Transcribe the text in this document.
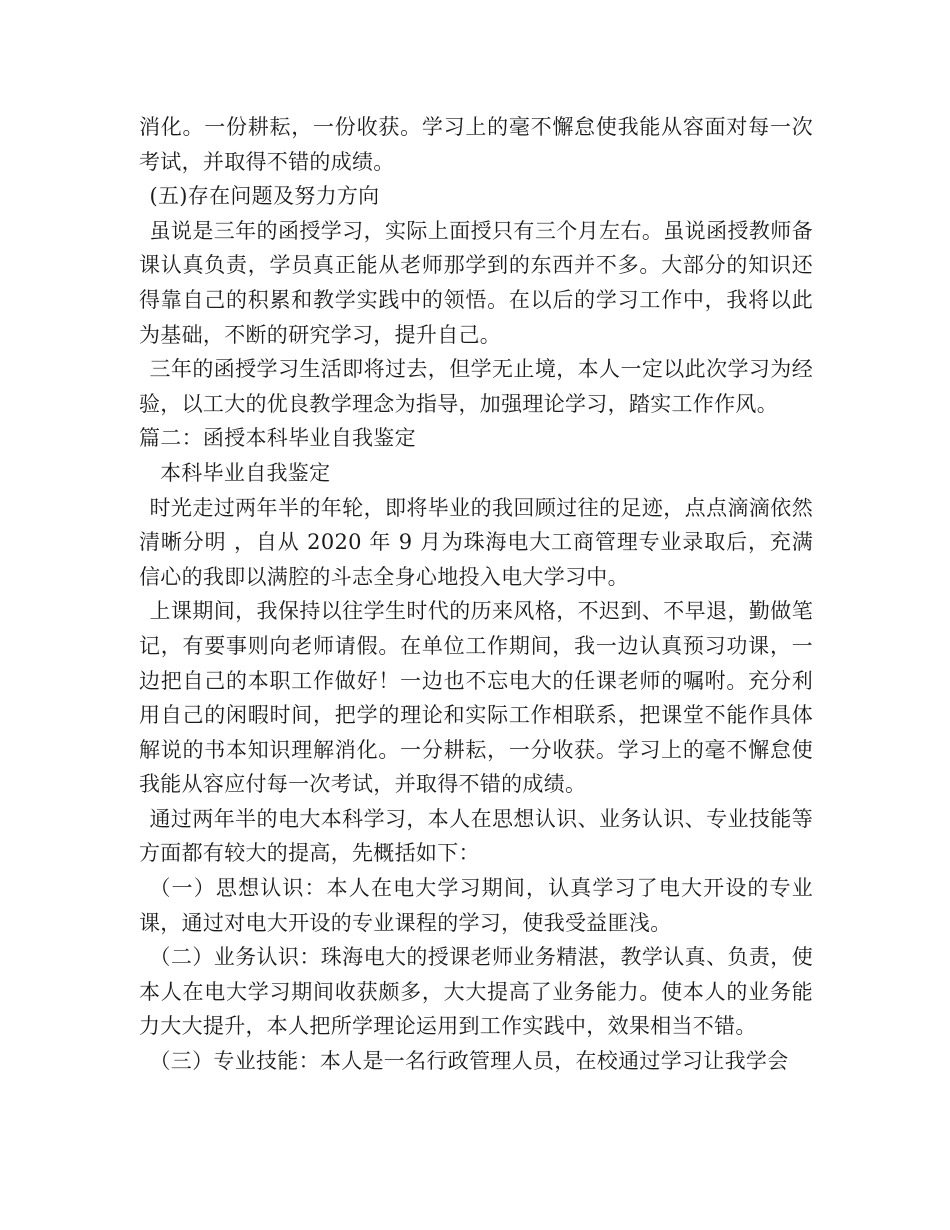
消化。一份耕耘，一份收获。学习上的毫不懈怠使我能从容面对每一次考试，并取得不错的成绩。

(五)存在问题及努力方向

虽说是三年的函授学习，实际上面授只有三个月左右。虽说函授教师备课认真负责，学员真正能从老师那学到的东西并不多。大部分的知识还得靠自己的积累和教学实践中的领悟。在以后的学习工作中，我将以此为基础，不断的研究学习，提升自己。

三年的函授学习生活即将过去，但学无止境，本人一定以此次学习为经验，以工大的优良教学理念为指导，加强理论学习，踏实工作作风。

篇二：函授本科毕业自我鉴定

本科毕业自我鉴定

时光走过两年半的年轮，即将毕业的我回顾过往的足迹，点点滴滴依然清晰分明 ，自从 2020 年 9 月为珠海电大工商管理专业录取后，充满信心的我即以满腔的斗志全身心地投入电大学习中。

上课期间，我保持以往学生时代的历来风格，不迟到、不早退，勤做笔记，有要事则向老师请假。在单位工作期间，我一边认真预习功课，一边把自己的本职工作做好！一边也不忘电大的任课老师的嘱咐。充分利用自己的闲暇时间，把学的理论和实际工作相联系，把课堂不能作具体解说的书本知识理解消化。一分耕耘，一分收获。学习上的毫不懈怠使我能从容应付每一次考试，并取得不错的成绩。

通过两年半的电大本科学习，本人在思想认识、业务认识、专业技能等方面都有较大的提高，先概括如下：

（一）思想认识：本人在电大学习期间，认真学习了电大开设的专业课，通过对电大开设的专业课程的学习，使我受益匪浅。

（二）业务认识：珠海电大的授课老师业务精湛，教学认真、负责，使本人在电大学习期间收获颇多，大大提高了业务能力。使本人的业务能力大大提升，本人把所学理论运用到工作实践中，效果相当不错。

（三）专业技能：本人是一名行政管理人员，在校通过学习让我学会
